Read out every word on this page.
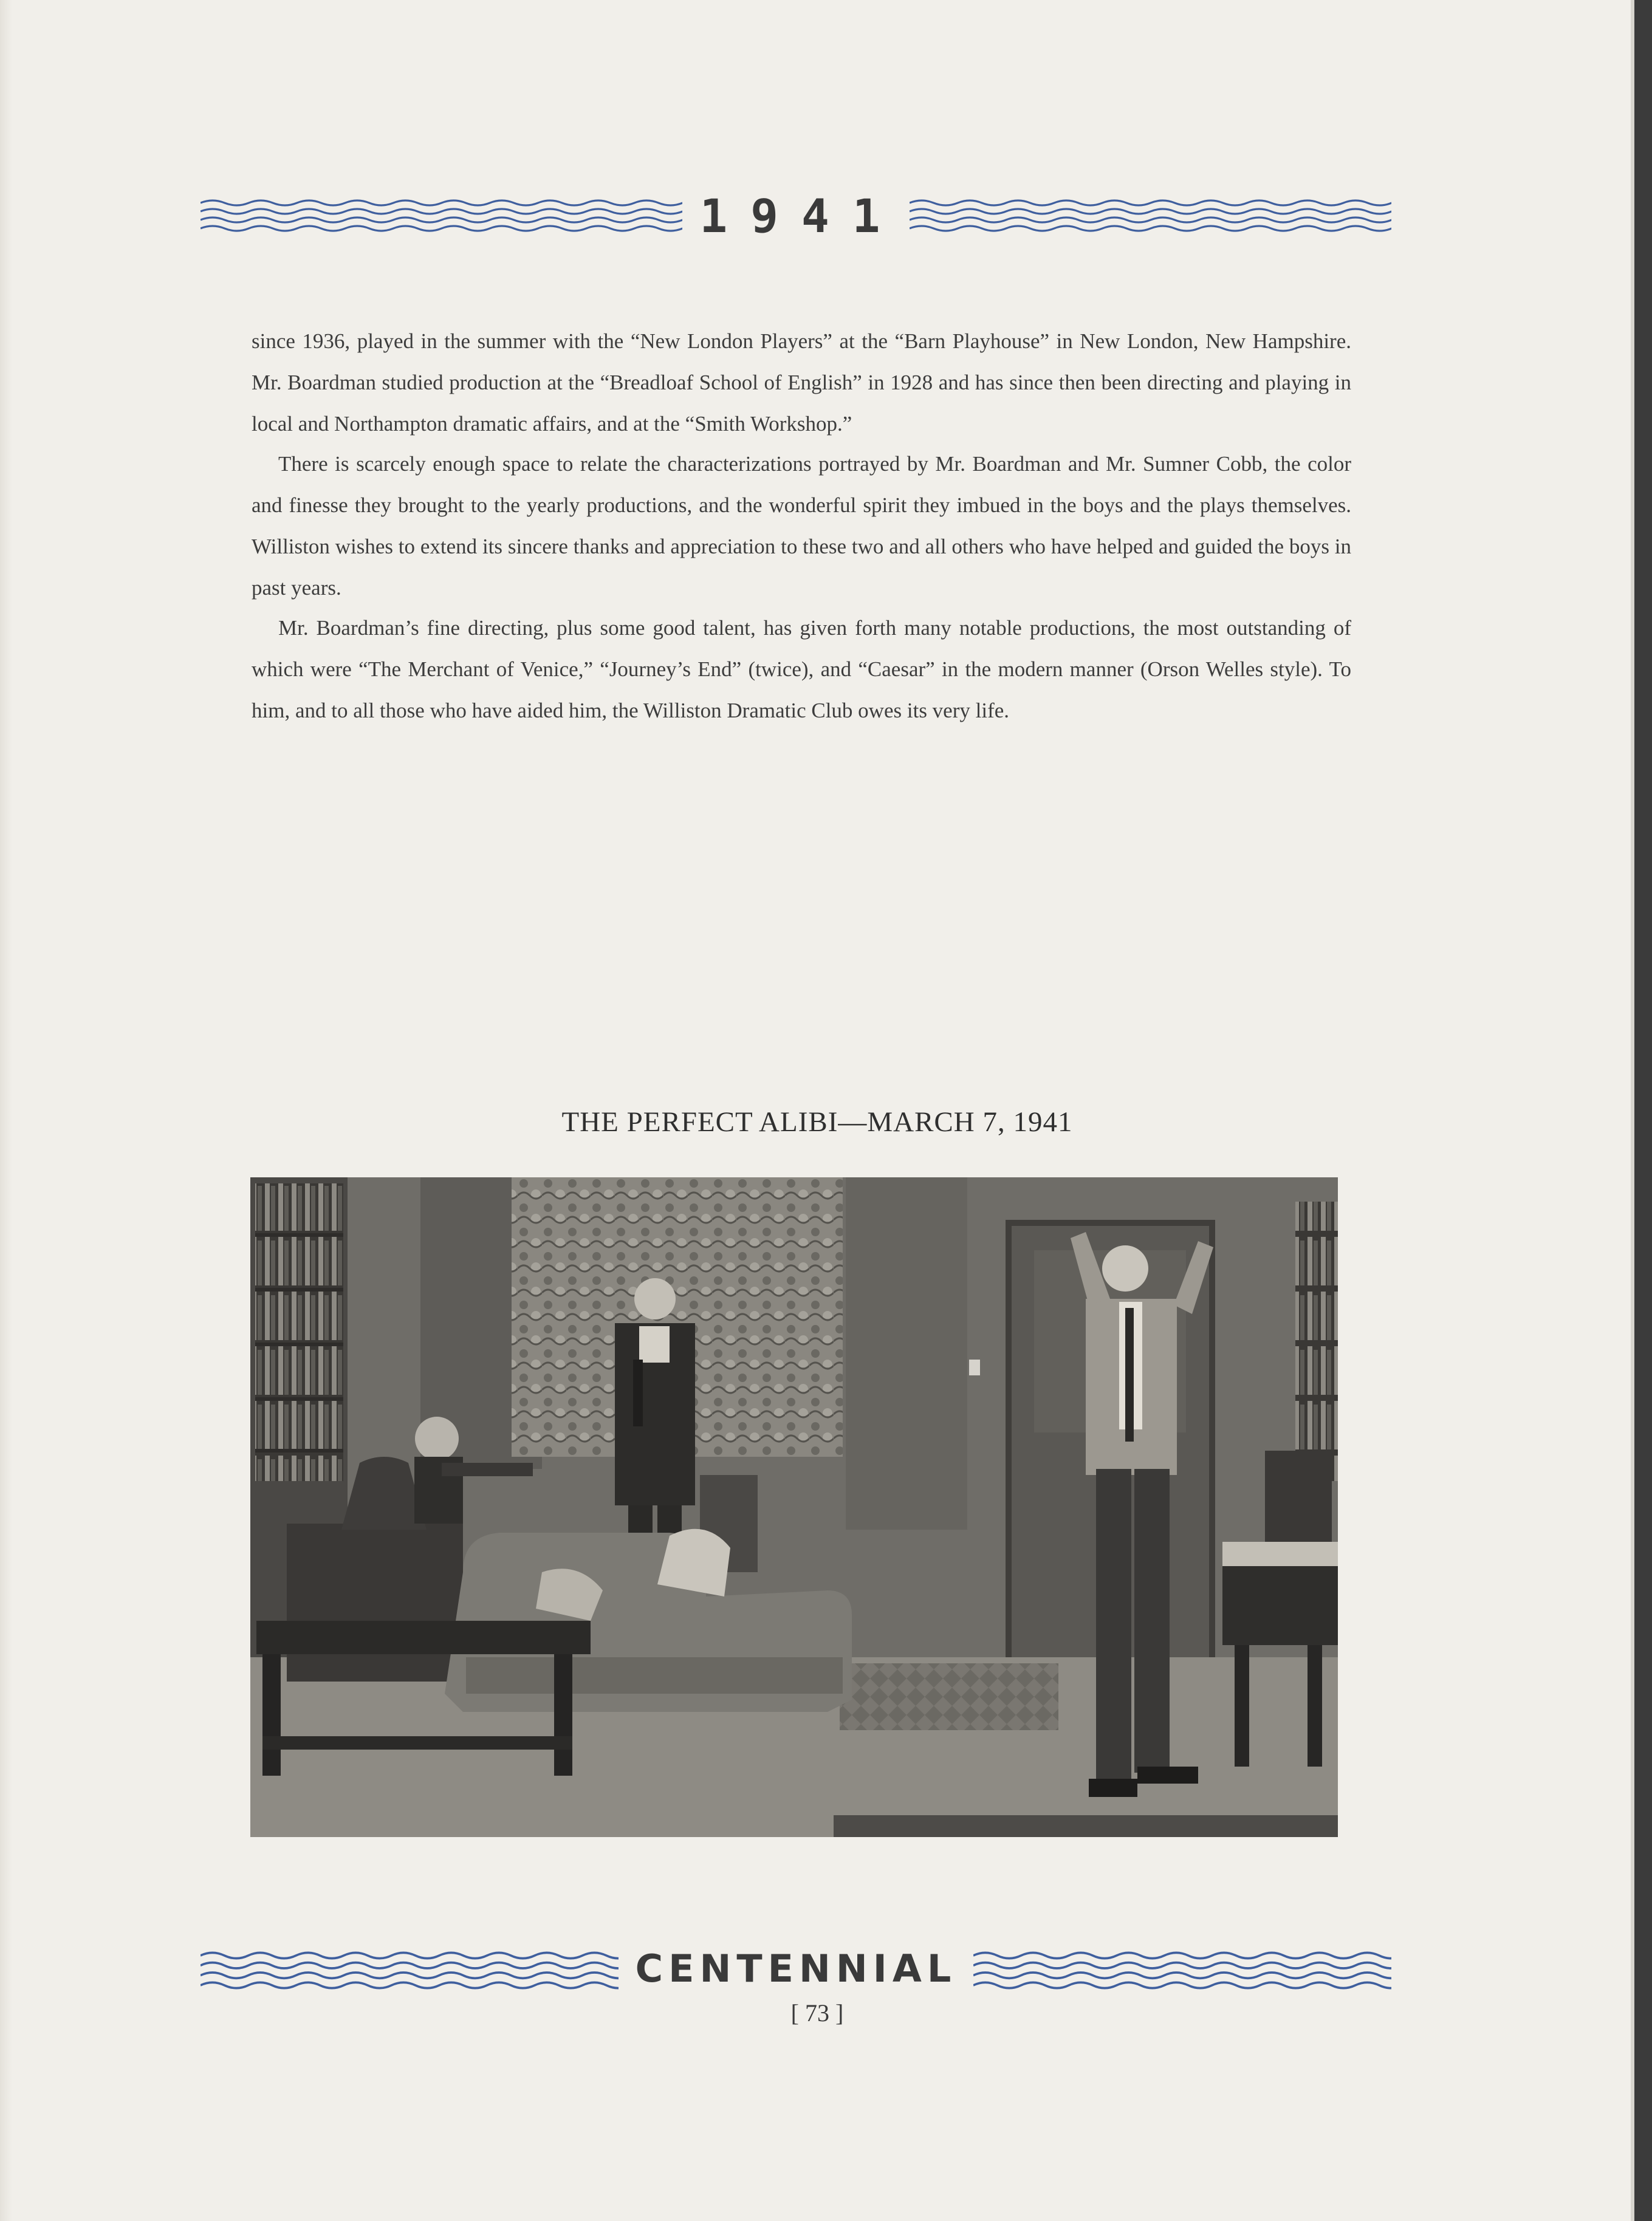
1941

since 1936, played in the summer with the “New London Players” at the “Barn Playhouse” in New London, New Hampshire. Mr. Boardman studied production at the “Breadloaf School of English” in 1928 and has since then been directing and playing in local and Northampton dramatic affairs, and at the “Smith Workshop.”

There is scarcely enough space to relate the characterizations portrayed by Mr. Boardman and Mr. Sumner Cobb, the color and finesse they brought to the yearly productions, and the wonderful spirit they imbued in the boys and the plays themselves. Williston wishes to extend its sincere thanks and appreciation to these two and all others who have helped and guided the boys in past years.

Mr. Boardman’s fine directing, plus some good talent, has given forth many notable productions, the most outstanding of which were “The Merchant of Venice,” “Journey’s End” (twice), and “Caesar” in the modern manner (Orson Welles style). To him, and to all those who have aided him, the Williston Dramatic Club owes its very life.

THE PERFECT ALIBI—MARCH 7, 1941
CENTENNIAL
[ 73 ]
